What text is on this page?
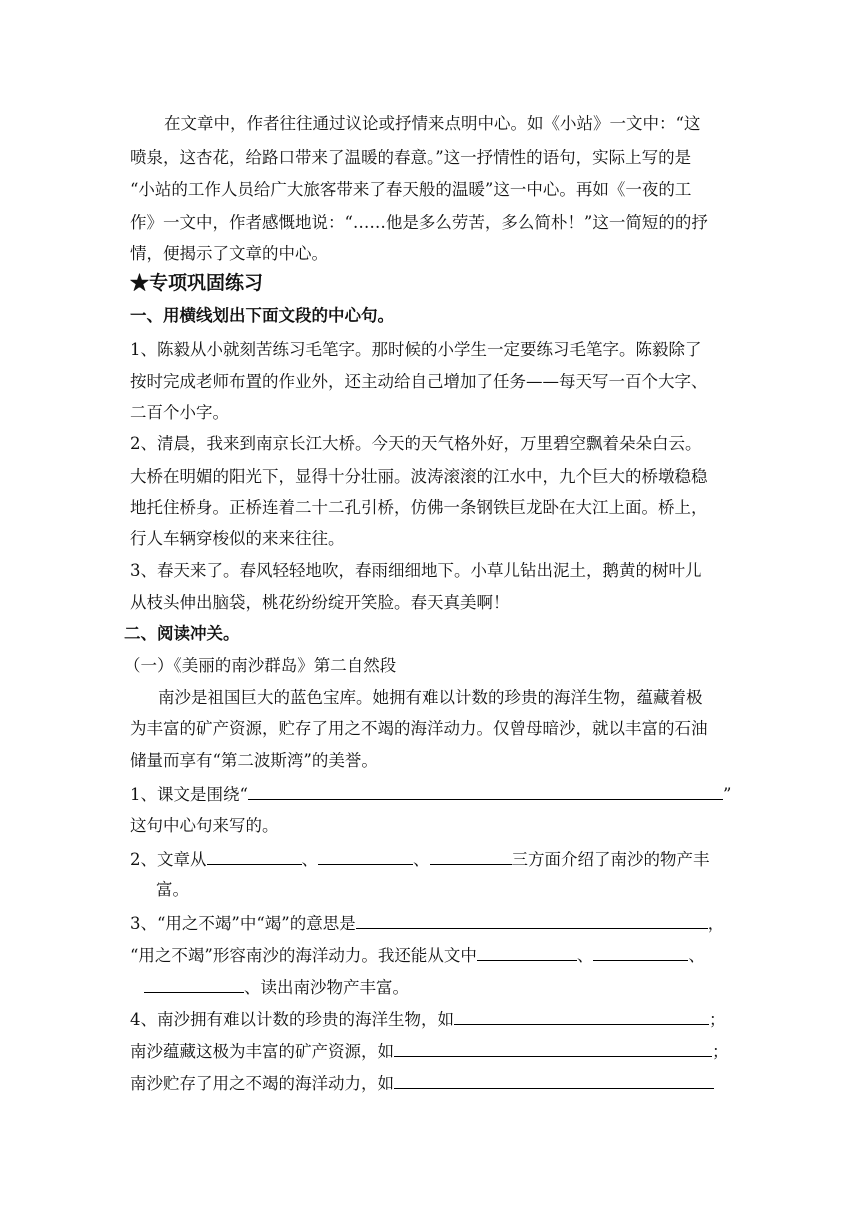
在文章中，作者往往通过议论或抒情来点明中心。如《小站》一文中：“这
喷泉，这杏花，给路口带来了温暖的春意。”这一抒情性的语句，实际上写的是
“小站的工作人员给广大旅客带来了春天般的温暖”这一中心。再如《一夜的工
作》一文中，作者感慨地说：“……他是多么劳苦，多么简朴！”这一简短的的抒
情，便揭示了文章的中心。
★专项巩固练习
一、用横线划出下面文段的中心句。
1、陈毅从小就刻苦练习毛笔字。那时候的小学生一定要练习毛笔字。陈毅除了
按时完成老师布置的作业外，还主动给自己增加了任务——每天写一百个大字、
二百个小字。
2、清晨，我来到南京长江大桥。今天的天气格外好，万里碧空飘着朵朵白云。
大桥在明媚的阳光下，显得十分壮丽。波涛滚滚的江水中，九个巨大的桥墩稳稳
地托住桥身。正桥连着二十二孔引桥，仿佛一条钢铁巨龙卧在大江上面。桥上，
行人车辆穿梭似的来来往往。
3、春天来了。春风轻轻地吹，春雨细细地下。小草儿钻出泥土，鹅黄的树叶儿
从枝头伸出脑袋，桃花纷纷绽开笑脸。春天真美啊！
二、阅读冲关。
（一）《美丽的南沙群岛》第二自然段
南沙是祖国巨大的蓝色宝库。她拥有难以计数的珍贵的海洋生物，蕴藏着极
为丰富的矿产资源，贮存了用之不竭的海洋动力。仅曾母暗沙，就以丰富的石油
储量而享有“第二波斯湾”的美誉。
1、课文是围绕“	”
这句中心句来写的。
2、文章从	、	、	三方面介绍了南沙的物产丰
富。
3、“用之不竭”中“竭”的意思是	，
“用之不竭”形容南沙的海洋动力。我还能从文中	、	、
、读出南沙物产丰富。
4、南沙拥有难以计数的珍贵的海洋生物，如	；
南沙蕴藏这极为丰富的矿产资源，如	；
南沙贮存了用之不竭的海洋动力，如
